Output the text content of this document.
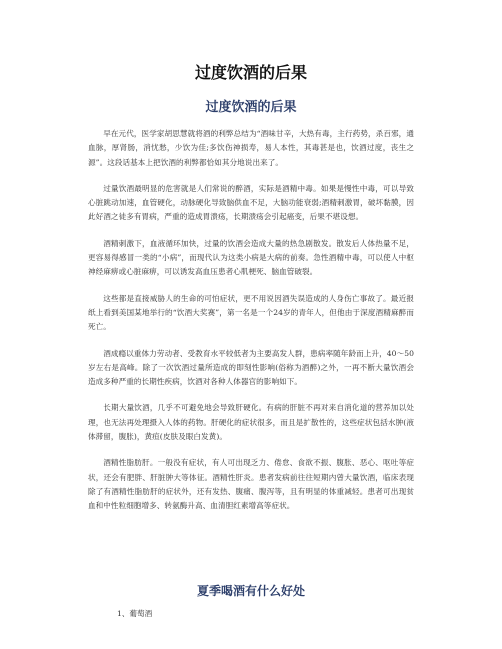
过度饮酒的后果
过度饮酒的后果

早在元代，医学家胡思慧就将酒的利弊总结为“酒味甘辛，大热有毒，主行药势，杀百邪，通血脉，厚肾肠，消忧愁，少饮为佳;多饮伤神损寿，易人本性，其毒甚是也，饮酒过度，丧生之源”。这段话基本上把饮酒的利弊都恰如其分地说出来了。

过量饮酒最明显的危害就是人们常说的醉酒，实际是酒精中毒。如果是慢性中毒，可以导致心脏跳动加速，血管硬化，动脉硬化导致脑供血不足，大脑功能衰弱;酒精刺激胃，破坏黏膜，因此好酒之徒多有胃病，严重的造成胃溃疡，长期溃疡会引起癌变，后果不堪设想。

酒精刺激下，血液循环加快，过量的饮酒会造成大量的热急剧散发。散发后人体热量不足，更容易得感冒一类的“小病”，而现代认为这类小病是大病的前奏。急性酒精中毒，可以使人中枢神经麻痹或心脏麻痹，可以诱发高血压患者心肌梗死、脑血管破裂。

这些都是直接威胁人的生命的可怕症状，更不用说因酒失误造成的人身伤亡事故了。最近报纸上看到美国某地举行的“饮酒大奖赛”，第一名是一个24岁的青年人，但他由于深度酒精麻醉而死亡。

酒成瘾以重体力劳动者、受教育水平较低者为主要高发人群，患病率随年龄而上升，40～50岁左右是高峰。除了一次饮酒过量所造成的即刻性影响(俗称为酒醉)之外，一再不断大量饮酒会造成多种严重的长期性疾病，饮酒对各种人体器官的影响如下。

长期大量饮酒，几乎不可避免地会导致肝硬化。有病的肝脏不再对来自消化道的营养加以处理，也无法再处理摄入人体的药物。肝硬化的症状很多，而且是扩散性的，这些症状包括水肿(液体滞留，腹胀)，黄疸(皮肤及眼白发黄)。

酒精性脂肪肝。一般没有症状，有人可出现乏力、倦怠、食欲不振、腹胀、恶心、呕吐等症状，还会有肥胖、肝脏肿大等体征。酒精性肝炎。患者发病前往往短期内曾大量饮酒，临床表现除了有酒精性脂肪肝的症状外，还有发热、腹痛、腹泻等，且有明显的体重减轻。患者可出现贫血和中性粒细胞增多、转氨酶升高、血清胆红素增高等症状。

夏季喝酒有什么好处

1、葡萄酒
